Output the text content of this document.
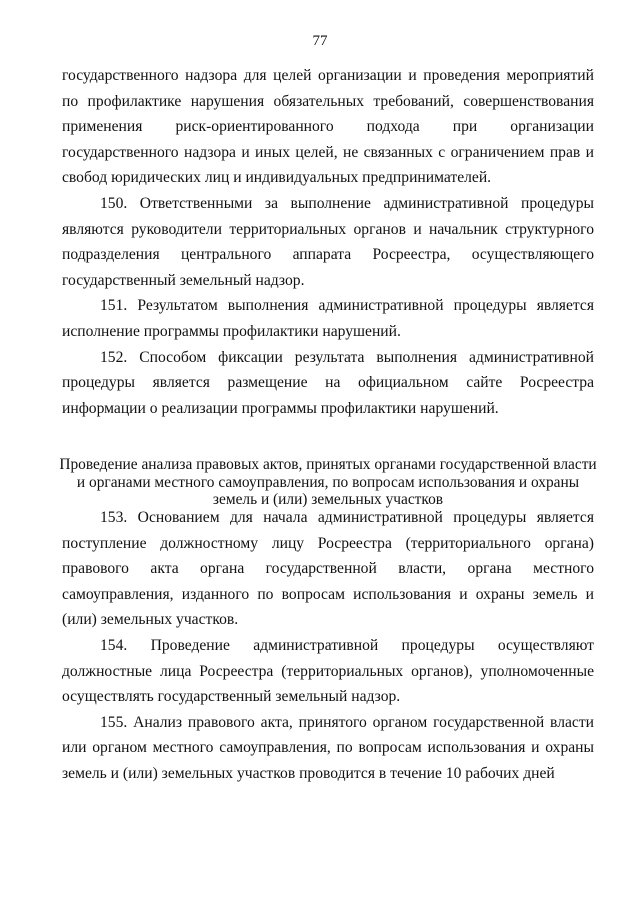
77

государственного надзора для целей организации и проведения мероприятий по профилактике нарушения обязательных требований, совершенствования применения риск-ориентированного подхода при организации государственного надзора и иных целей, не связанных с ограничением прав и свобод юридических лиц и индивидуальных предпринимателей.

150. Ответственными за выполнение административной процедуры являются руководители территориальных органов и начальник структурного подразделения центрального аппарата Росреестра, осуществляющего государственный земельный надзор.

151. Результатом выполнения административной процедуры является исполнение программы профилактики нарушений.

152. Способом фиксации результата выполнения административной процедуры является размещение на официальном сайте Росреестра информации о реализации программы профилактики нарушений.

Проведение анализа правовых актов, принятых органами государственной власти и органами местного самоуправления, по вопросам использования и охраны земель и (или) земельных участков

153. Основанием для начала административной процедуры является поступление должностному лицу Росреестра (территориального органа) правового акта органа государственной власти, органа местного самоуправления, изданного по вопросам использования и охраны земель и (или) земельных участков.

154. Проведение административной процедуры осуществляют должностные лица Росреестра (территориальных органов), уполномоченные осуществлять государственный земельный надзор.

155. Анализ правового акта, принятого органом государственной власти или органом местного самоуправления, по вопросам использования и охраны земель и (или) земельных участков проводится в течение 10 рабочих дней
